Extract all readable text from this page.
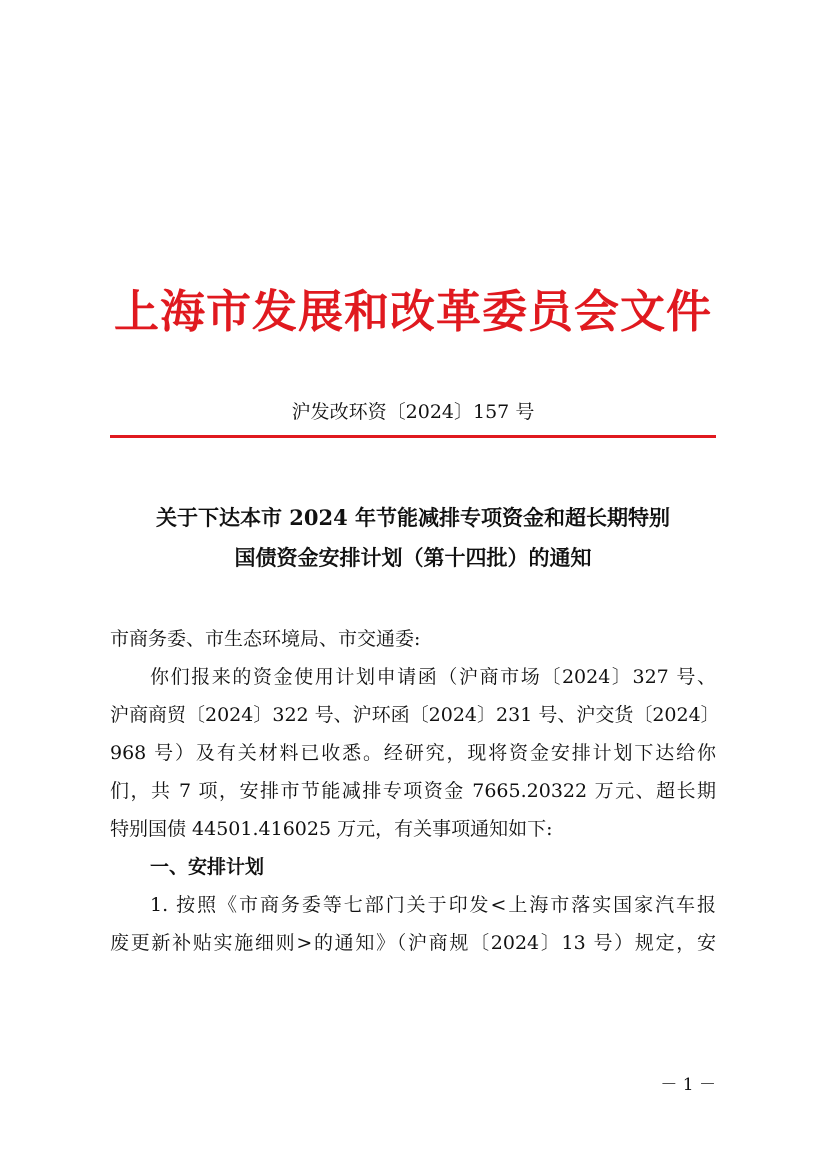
上海市发展和改革委员会文件
沪发改环资〔2024〕157 号
关于下达本市 2024 年节能减排专项资金和超长期特别
国债资金安排计划（第十四批）的通知
市商务委、市生态环境局、市交通委:
你们报来的资金使用计划申请函（沪商市场〔2024〕327 号、
沪商商贸〔2024〕322 号、沪环函〔2024〕231 号、沪交货〔2024〕
968 号）及有关材料已收悉。经研究，现将资金安排计划下达给你
们，共 7 项，安排市节能减排专项资金 7665.20322 万元、超长期
特别国债 44501.416025 万元，有关事项通知如下:
一、安排计划
1. 按照《市商务委等七部门关于印发<上海市落实国家汽车报
废更新补贴实施细则>的通知》（沪商规〔2024〕13 号）规定，安
－ 1 －
